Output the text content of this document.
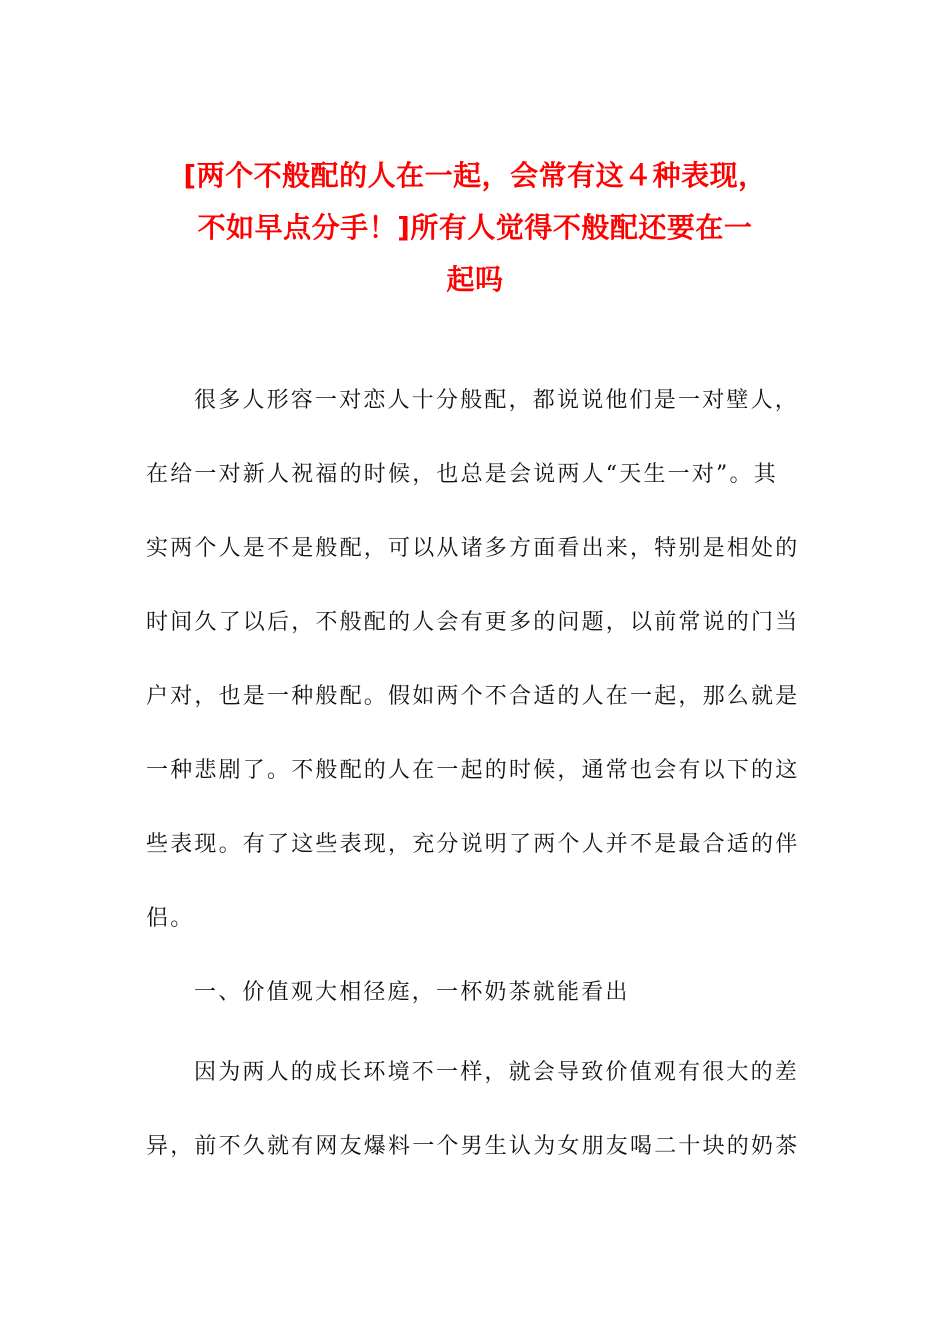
[两个不般配的人在一起，会常有这４种表现，
不如早点分手！]所有人觉得不般配还要在一
起吗
很多人形容一对恋人十分般配，都说说他们是一对壁人，
在给一对新人祝福的时候，也总是会说两人“天生一对”。其
实两个人是不是般配，可以从诸多方面看出来，特别是相处的
时间久了以后，不般配的人会有更多的问题，以前常说的门当
户对，也是一种般配。假如两个不合适的人在一起，那么就是
一种悲剧了。不般配的人在一起的时候，通常也会有以下的这
些表现。有了这些表现，充分说明了两个人并不是最合适的伴
侣。
一、价值观大相径庭，一杯奶茶就能看出
因为两人的成长环境不一样，就会导致价值观有很大的差
异，前不久就有网友爆料一个男生认为女朋友喝二十块的奶茶
